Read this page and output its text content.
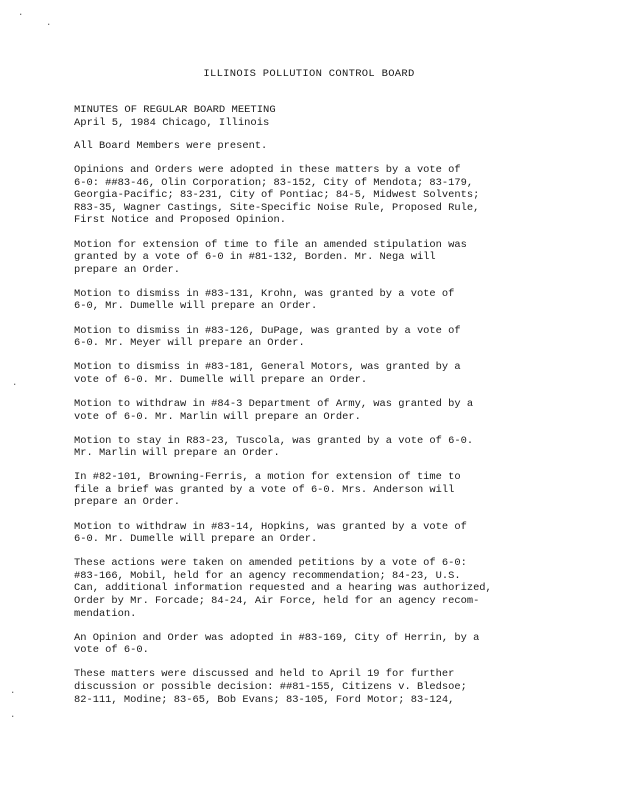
·
·
·
·
·
ILLINOIS POLLUTION CONTROL BOARD
MINUTES OF REGULAR BOARD MEETING
April 5, 1984 Chicago, Illinois

All Board Members were present.

Opinions and Orders were adopted in these matters by a vote of
6-0: ##83-46, Olin Corporation; 83-152, City of Mendota; 83-179,
Georgia-Pacific; 83-231, City of Pontiac; 84-5, Midwest Solvents;
R83-35, Wagner Castings, Site-Specific Noise Rule, Proposed Rule,
First Notice and Proposed Opinion.

Motion for extension of time to file an amended stipulation was
granted by a vote of 6-0 in #81-132, Borden. Mr. Nega will
prepare an Order.

Motion to dismiss in #83-131, Krohn, was granted by a vote of
6-0, Mr. Dumelle will prepare an Order.

Motion to dismiss in #83-126, DuPage, was granted by a vote of
6-0. Mr. Meyer will prepare an Order.

Motion to dismiss in #83-181, General Motors, was granted by a
vote of 6-0. Mr. Dumelle will prepare an Order.

Motion to withdraw in #84-3 Department of Army, was granted by a
vote of 6-0. Mr. Marlin will prepare an Order.

Motion to stay in R83-23, Tuscola, was granted by a vote of 6-0.
Mr. Marlin will prepare an Order.

In #82-101, Browning-Ferris, a motion for extension of time to
file a brief was granted by a vote of 6-0. Mrs. Anderson will
prepare an Order.

Motion to withdraw in #83-14, Hopkins, was granted by a vote of
6-0. Mr. Dumelle will prepare an Order.

These actions were taken on amended petitions by a vote of 6-0:
#83-166, Mobil, held for an agency recommendation; 84-23, U.S.
Can, additional information requested and a hearing was authorized,
Order by Mr. Forcade; 84-24, Air Force, held for an agency recom-
mendation.

An Opinion and Order was adopted in #83-169, City of Herrin, by a
vote of 6-0.

These matters were discussed and held to April 19 for further
discussion or possible decision: ##81-155, Citizens v. Bledsoe;
82-111, Modine; 83-65, Bob Evans; 83-105, Ford Motor; 83-124,
